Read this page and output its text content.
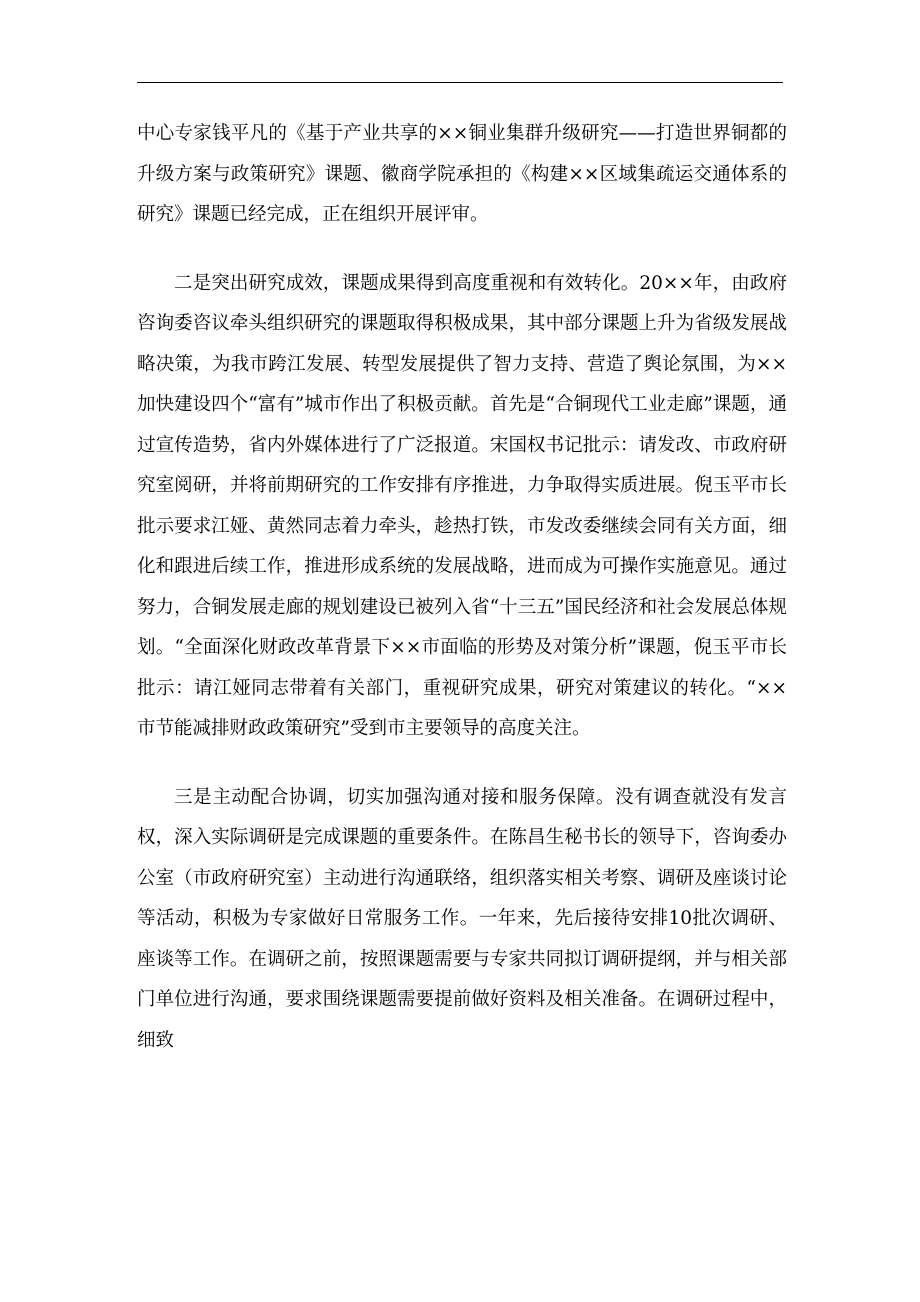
中心专家钱平凡的《基于产业共享的××铜业集群升级研究——打造世界铜都的升级方案与政策研究》课题、徽商学院承担的《构建××区域集疏运交通体系的研究》课题已经完成，正在组织开展评审。

二是突出研究成效，课题成果得到高度重视和有效转化。20××年，由政府咨询委咨议牵头组织研究的课题取得积极成果，其中部分课题上升为省级发展战略决策，为我市跨江发展、转型发展提供了智力支持、营造了舆论氛围，为××加快建设四个“富有”城市作出了积极贡献。首先是“合铜现代工业走廊”课题，通过宣传造势，省内外媒体进行了广泛报道。宋国权书记批示：请发改、市政府研究室阅研，并将前期研究的工作安排有序推进，力争取得实质进展。倪玉平市长批示要求江娅、黄然同志着力牵头，趁热打铁，市发改委继续会同有关方面，细化和跟进后续工作，推进形成系统的发展战略，进而成为可操作实施意见。通过努力，合铜发展走廊的规划建设已被列入省“十三五”国民经济和社会发展总体规划。“全面深化财政改革背景下××市面临的形势及对策分析”课题，倪玉平市长批示：请江娅同志带着有关部门，重视研究成果，研究对策建议的转化。“××市节能减排财政政策研究”受到市主要领导的高度关注。

三是主动配合协调，切实加强沟通对接和服务保障。没有调查就没有发言权，深入实际调研是完成课题的重要条件。在陈昌生秘书长的领导下，咨询委办公室（市政府研究室）主动进行沟通联络，组织落实相关考察、调研及座谈讨论等活动，积极为专家做好日常服务工作。一年来，先后接待安排10批次调研、座谈等工作。在调研之前，按照课题需要与专家共同拟订调研提纲，并与相关部门单位进行沟通，要求围绕课题需要提前做好资料及相关准备。在调研过程中，细致
